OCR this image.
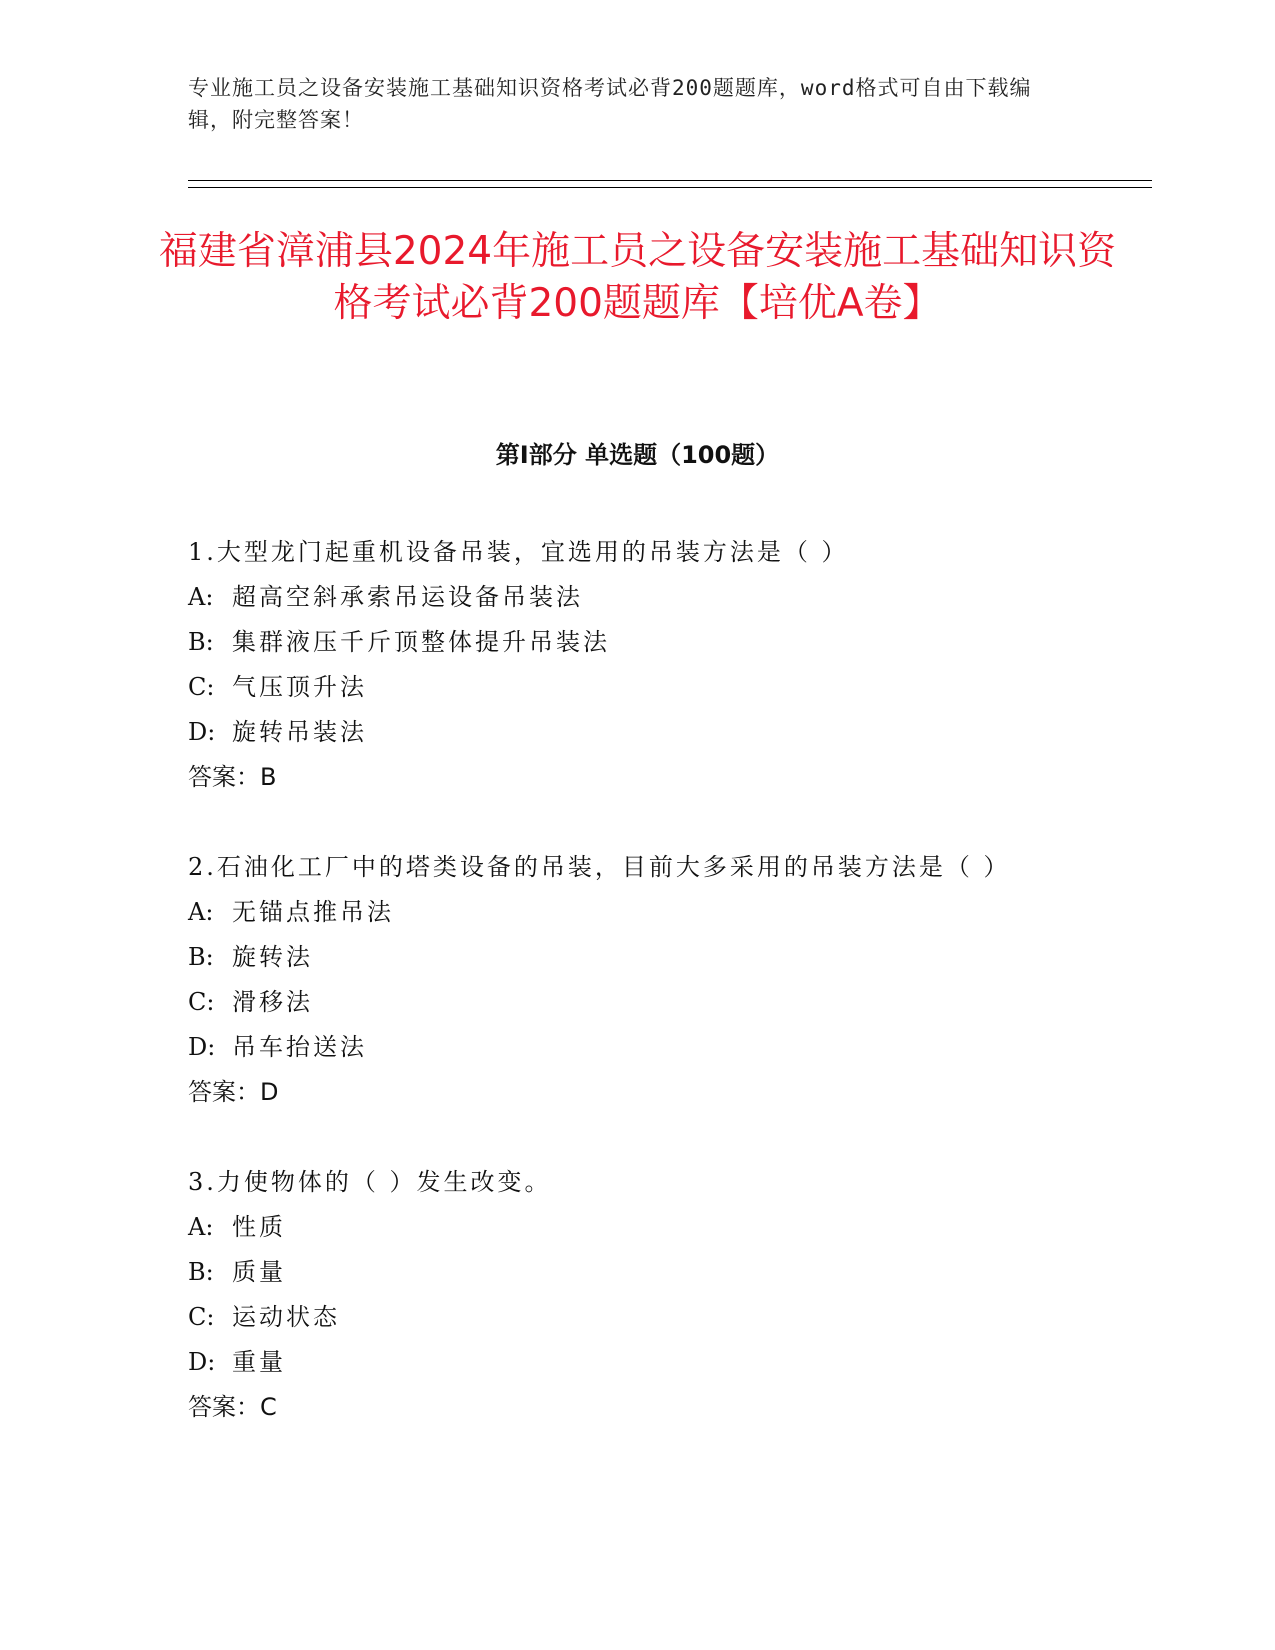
专业施工员之设备安装施工基础知识资格考试必背200题题库，word格式可自由下载编辑，附完整答案！
福建省漳浦县2024年施工员之设备安装施工基础知识资格考试必背200题题库【培优A卷】
第Ⅰ部分 单选题（100题）
1.大型龙门起重机设备吊装，宜选用的吊装方法是（ ）
A: 超高空斜承索吊运设备吊装法
B: 集群液压千斤顶整体提升吊装法
C: 气压顶升法
D: 旋转吊装法
答案：B
2.石油化工厂中的塔类设备的吊装，目前大多采用的吊装方法是（ ）
A: 无锚点推吊法
B: 旋转法
C: 滑移法
D: 吊车抬送法
答案：D
3.力使物体的（ ）发生改变。
A: 性质
B: 质量
C: 运动状态
D: 重量
答案：C
